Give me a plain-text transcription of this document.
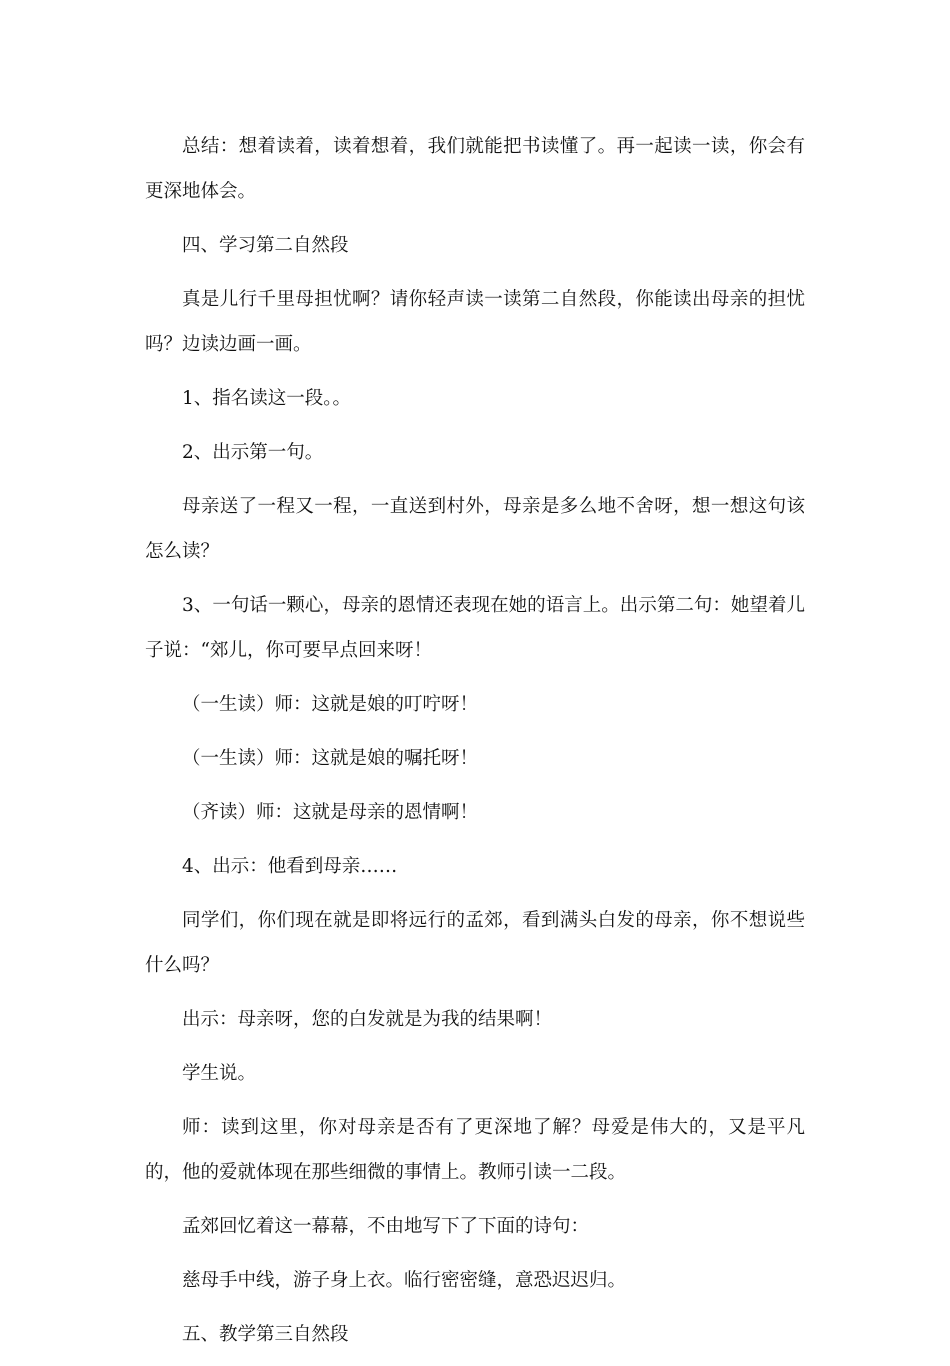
总结：想着读着，读着想着，我们就能把书读懂了。再一起读一读，你会有更深地体会。

四、学习第二自然段

真是儿行千里母担忧啊？请你轻声读一读第二自然段，你能读出母亲的担忧吗？边读边画一画。

1、指名读这一段。。

2、出示第一句。

母亲送了一程又一程，一直送到村外，母亲是多么地不舍呀，想一想这句该怎么读？

3、一句话一颗心，母亲的恩情还表现在她的语言上。出示第二句：她望着儿子说：“郊儿，你可要早点回来呀！

（一生读）师：这就是娘的叮咛呀！

（一生读）师：这就是娘的嘱托呀！

（齐读）师：这就是母亲的恩情啊！

4、出示：他看到母亲……

同学们，你们现在就是即将远行的孟郊，看到满头白发的母亲，你不想说些什么吗？

出示：母亲呀，您的白发就是为我的结果啊！

学生说。

师：读到这里，你对母亲是否有了更深地了解？母爱是伟大的，又是平凡的，他的爱就体现在那些细微的事情上。教师引读一二段。

孟郊回忆着这一幕幕，不由地写下了下面的诗句：

慈母手中线，游子身上衣。临行密密缝，意恐迟迟归。

五、教学第三自然段
